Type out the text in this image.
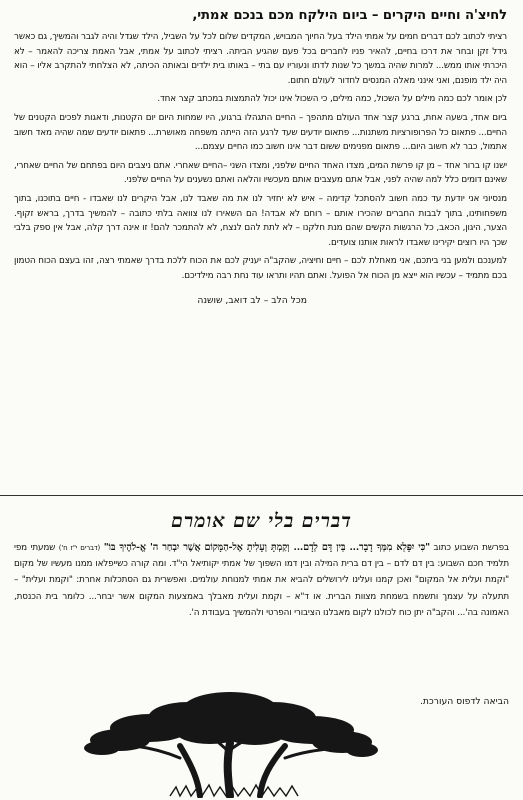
לחיצ'ה וחיים היקרים – ביום הילקח מכם בנכם אמתי,

רציתי לכתוב לכם דברים חמים על אמתי הילד בעל החיוך המבויש, המקדים שלום לכל על השביל, הילד שגדל והיה לגבר והמשיך, גם כאשר גידל זקן ובחר את דרכו בחיים, להאיר פניו לחברים בכל פעם שהגיע הביתה. רציתי לכתוב על אמתי, אבל האמת צריכה להאמר – לא היכרתי אותו ממש... למרות שהיה במשך כל שנות לדתו ונעוריו עם בתי – באותו בית ילדים ובאותה הכיתה, לא הצלחתי להתקרב אליו – הוא היה ילד מופנם, ואני אינני מאלה המנסים לחדור לעולם חתום.

לכן אומר לכם כמה מילים על השכול, כמה מילים, כי השכול אינו יכול להתמצות במכתב קצר אחד.

ביום אחד, בשעה אחת, ברגע קצר אחד העולם מתהפך – החיים התגהלו ברגוע, היו שמחות היום יום הקטנות, ודאגות לפכים הקטנים של החיים... פתאום כל הפרופורציות משתנות... פתאום יודעים שעד לרגע הזה הייתה משפחה מאושרת... פתאום יודעים שמה שהיה מאד חשוב אתמול, כבר לא חשוב היום... פתאום מפנימים ששום דבר אינו חשוב כמו החיים עצמם...

ישנו קו ברור אחד – מן קו פרשת המים, מצדו האחד החיים שלפני, ומצדו השני –החיים שאחרי. אתם ניצבים היום בפתחם של החיים שאחרי, שאינם דומים כלל למה שהיה לפני, אבל אתם מעצבים אותם מעכשיו והלאה ואתם נשענים על החיים שלפני.

מנסיוני אני יודעת עד כמה חשוב להסתכל קדימה – איש לא יחזיר לנו את מה שאבד לנו, אבל היקרים לנו שאבדו - חיים בתוכנו, בתוך משפחותינו, בתוך לבבות החברים שהכירו אותם – רוחם לא אבדה! הם השאירו לנו צוואה בלתי כתובה – להמשיך בדרך, בראש זקוף. הצער, היגון, הכאב, כל הרגשות הקשים שהם מנת חלקנו – לא לתת להם לנצח, לא להתמכר להם! זו אינה דרך קלה, אבל אין ספק בלבי שכך היו רוצים יקירינו שאבדו לראות אותנו צועדים.

למענכם ולמען בני ביתכם, אני מאחלת לכם – חיים וחיציה, שהקב"ה יעניק לכם את הכוח ללכת בדרך שאמתי רצה, זהו בעצם הכוח הטמון בכם מתמיד – עכשיו הוא ייצא מן הכוח אל הפועל. ואתם תהיו ותראו עוד נחת רבה מילדיכם.

מכל הלב – לב דואב, שושנה
דברים בלי שם אומרם

בפרשת השבוע כתוב "כִּי יִפָּלֵא מִמְּךָ דָבָר... בֵּין דָּם לְדָם... וְקַמְתָּ וְעָלִיתָ אֶל-הַמָּקוֹם אֲשֶׁר יִבְחַר ה' אֱ-לֹהֶיךָ בּוֹ" (דברים י"ז ח') שמעתי מפי תלמיד חכם השבוע: בין דם לדם – בין דם ברית המילה ובין דמו השפוך של אמתי יקותיאל הי"ד. ומה קורה כשייפלאו ממנו מעשיו של מקום "וקמת ועלית אל המקום" ואכן קמנו ועלינו לירושלים להביא את אמתי למנוחת עולמים. ואפשרית גם הסתכלות אחרת: "וקמת ועלית" – תתעלה על עצמך ותשמח בשמחת מצוות הברית. או ד"א – וקמת ועלית מאבלך באמצעות המקום אשר יבחר... כלומר בית הכנסת, האמונה בה'... והקב"ה יתן כוח לכולנו לקום מאבלנו הציבורי והפרטי ולהמשיך בעבודת ה'.

הביאה לדפוס העורכת.
